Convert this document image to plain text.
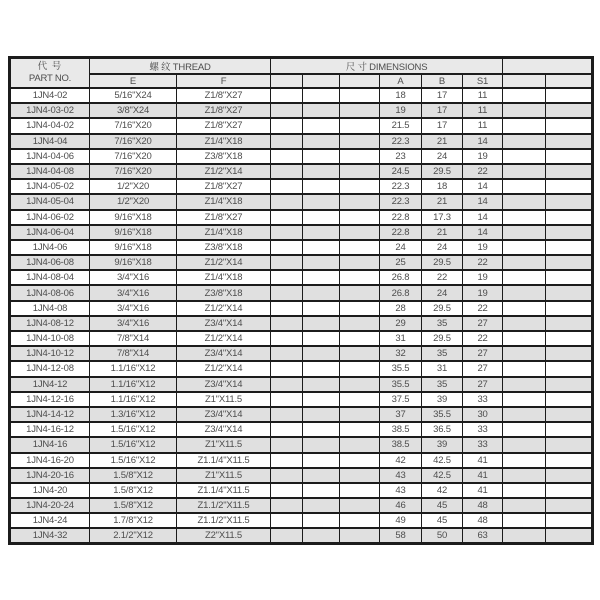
代 号
PART NO.	螺 纹 THREAD		尺 寸 DIMENSIONS							
	E	F				A	B	S1		
1JN4-02	5/16"X24	Z1/8"X27				18	17	11		
1JN4-03-02	3/8"X24	Z1/8"X27				19	17	11		
1JN4-04-02	7/16"X20	Z1/8"X27				21.5	17	11		
1JN4-04	7/16"X20	Z1/4"X18				22.3	21	14		
1JN4-04-06	7/16"X20	Z3/8"X18				23	24	19		
1JN4-04-08	7/16"X20	Z1/2"X14				24.5	29.5	22		
1JN4-05-02	1/2"X20	Z1/8"X27				22.3	18	14		
1JN4-05-04	1/2"X20	Z1/4"X18				22.3	21	14		
1JN4-06-02	9/16"X18	Z1/8"X27				22.8	17.3	14		
1JN4-06-04	9/16"X18	Z1/4"X18				22.8	21	14		
1JN4-06	9/16"X18	Z3/8"X18				24	24	19		
1JN4-06-08	9/16"X18	Z1/2"X14				25	29.5	22		
1JN4-08-04	3/4"X16	Z1/4"X18				26.8	22	19		
1JN4-08-06	3/4"X16	Z3/8"X18				26.8	24	19		
1JN4-08	3/4"X16	Z1/2"X14				28	29.5	22		
1JN4-08-12	3/4"X16	Z3/4"X14				29	35	27		
1JN4-10-08	7/8"X14	Z1/2"X14				31	29.5	22		
1JN4-10-12	7/8"X14	Z3/4"X14				32	35	27		
1JN4-12-08	1.1/16"X12	Z1/2"X14				35.5	31	27		
1JN4-12	1.1/16"X12	Z3/4"X14				35.5	35	27		
1JN4-12-16	1.1/16"X12	Z1"X11.5				37.5	39	33		
1JN4-14-12	1.3/16"X12	Z3/4"X14				37	35.5	30		
1JN4-16-12	1.5/16"X12	Z3/4"X14				38.5	36.5	33		
1JN4-16	1.5/16"X12	Z1"X11.5				38.5	39	33		
1JN4-16-20	1.5/16"X12	Z1.1/4"X11.5				42	42.5	41		
1JN4-20-16	1.5/8"X12	Z1"X11.5				43	42.5	41		
1JN4-20	1.5/8"X12	Z1.1/4"X11.5				43	42	41		
1JN4-20-24	1.5/8"X12	Z1.1/2"X11.5				46	45	48		
1JN4-24	1.7/8"X12	Z1.1/2"X11.5				49	45	48		
1JN4-32	2.1/2"X12	Z2"X11.5				58	50	63		
